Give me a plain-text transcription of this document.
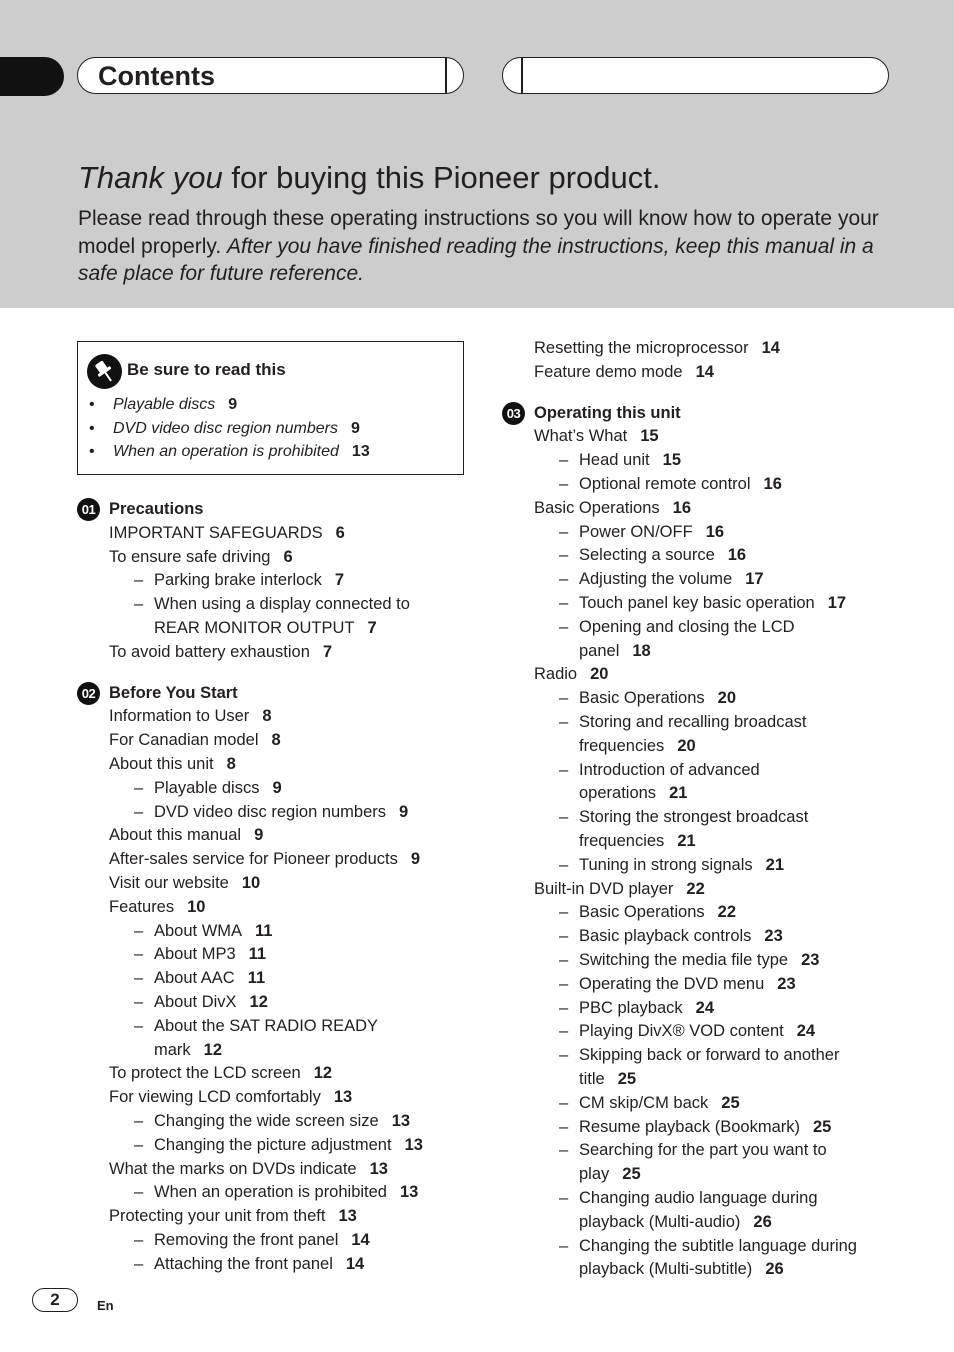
Contents
Thank you for buying this Pioneer product.
Please read through these operating instructions so you will know how to operate your model properly. After you have finished reading the instructions, keep this manual in a safe place for future reference.
Be sure to read this
• Playable discs 9
• DVD video disc region numbers 9
• When an operation is prohibited 13
01 Precautions
IMPORTANT SAFEGUARDS 6
To ensure safe driving 6
– Parking brake interlock 7
– When using a display connected to
REAR MONITOR OUTPUT 7
To avoid battery exhaustion 7
02 Before You Start
Information to User 8
For Canadian model 8
About this unit 8
– Playable discs 9
– DVD video disc region numbers 9
About this manual 9
After-sales service for Pioneer products 9
Visit our website 10
Features 10
– About WMA 11
– About MP3 11
– About AAC 11
– About DivX 12
– About the SAT RADIO READY
mark 12
To protect the LCD screen 12
For viewing LCD comfortably 13
– Changing the wide screen size 13
– Changing the picture adjustment 13
What the marks on DVDs indicate 13
– When an operation is prohibited 13
Protecting your unit from theft 13
– Removing the front panel 14
– Attaching the front panel 14
Resetting the microprocessor 14
Feature demo mode 14
03 Operating this unit
What’s What 15
– Head unit 15
– Optional remote control 16
Basic Operations 16
– Power ON/OFF 16
– Selecting a source 16
– Adjusting the volume 17
– Touch panel key basic operation 17
– Opening and closing the LCD
panel 18
Radio 20
– Basic Operations 20
– Storing and recalling broadcast
frequencies 20
– Introduction of advanced
operations 21
– Storing the strongest broadcast
frequencies 21
– Tuning in strong signals 21
Built-in DVD player 22
– Basic Operations 22
– Basic playback controls 23
– Switching the media file type 23
– Operating the DVD menu 23
– PBC playback 24
– Playing DivX® VOD content 24
– Skipping back or forward to another
title 25
– CM skip/CM back 25
– Resume playback (Bookmark) 25
– Searching for the part you want to
play 25
– Changing audio language during
playback (Multi-audio) 26
– Changing the subtitle language during
playback (Multi-subtitle) 26
2	En
